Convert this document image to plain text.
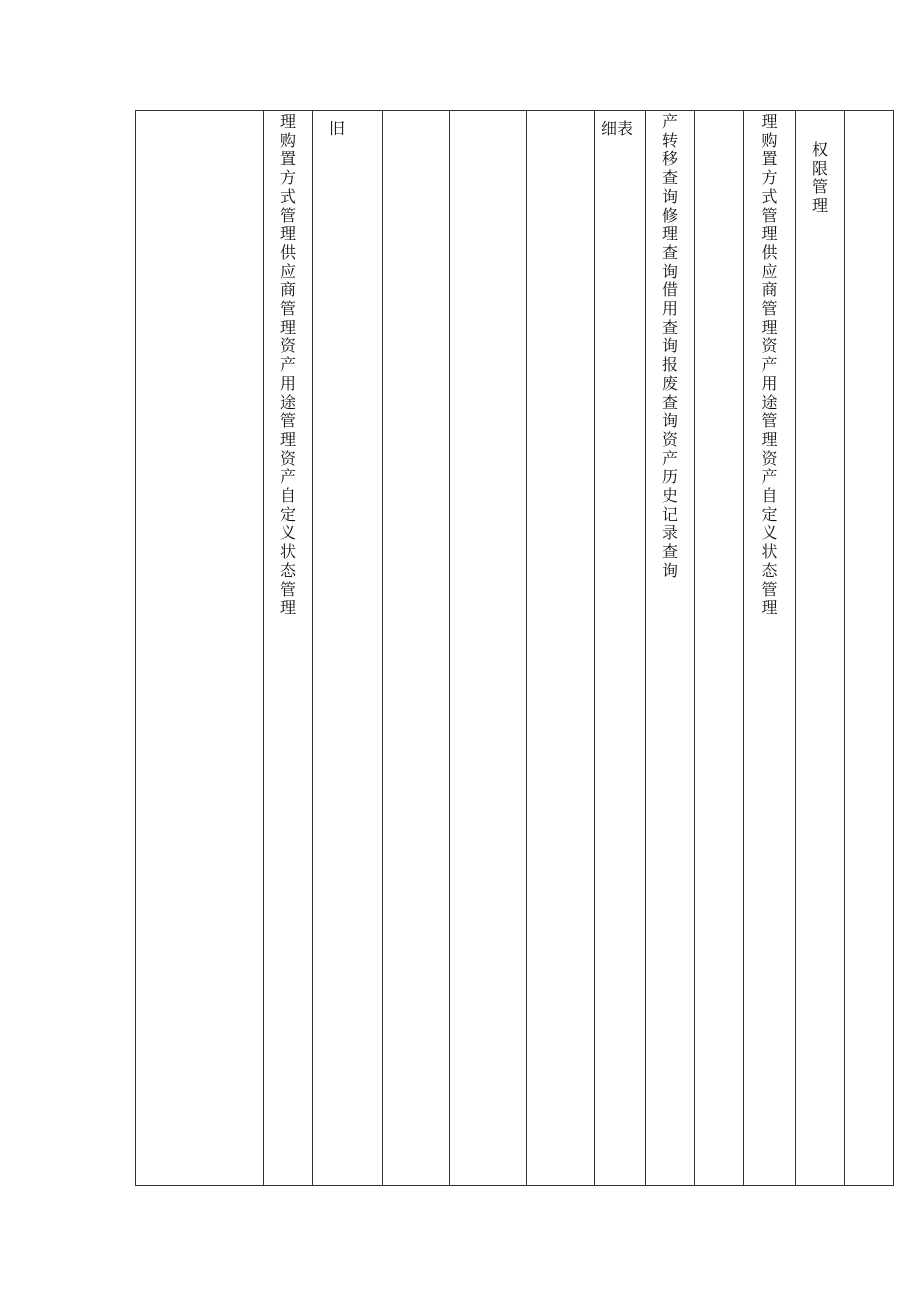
理购置方式管理供应商管理资产用途管理资产自定义状态管理
旧	细表 产转移查询修理查询借用查询报废查询资产历史记录查询
理购置方式管理供应商管理资产用途管理资产自定义状态管理
权限管理
